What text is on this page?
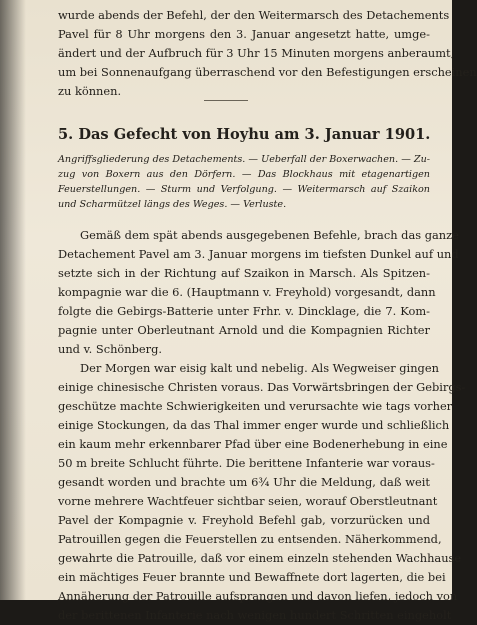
wurde abends der Befehl, der den Weitermarsch des Detachements
Pavel für 8 Uhr morgens den 3. Januar angesetzt hatte, umge-
ändert und der Aufbruch für 3 Uhr 15 Minuten morgens anberaumt,
um bei Sonnenaufgang überraschend vor den Befestigungen erscheinen
zu können.
5. Das Gefecht von Hoyhu am 3. Januar 1901.
Angriffsgliederung des Detachements. — Ueberfall der Boxerwachen. — Zu-
zug von Boxern aus den Dörfern. — Das Blockhaus mit etagenartigen
Feuerstellungen. — Sturm und Verfolgung. — Weitermarsch auf Szaikon
und Scharmützel längs des Weges. — Verluste.
Gemäß dem spät abends ausgegebenen Befehle, brach das ganze
Detachement Pavel am 3. Januar morgens im tiefsten Dunkel auf und
setzte sich in der Richtung auf Szaikon in Marsch. Als Spitzen-
kompagnie war die 6. (Hauptmann v. Freyhold) vorgesandt, dann
folgte die Gebirgs-Batterie unter Frhr. v. Dincklage, die 7. Kom-
pagnie unter Oberleutnant Arnold und die Kompagnien Richter
und v. Schönberg.
Der Morgen war eisig kalt und nebelig. Als Wegweiser gingen
einige chinesische Christen voraus. Das Vorwärtsbringen der Gebirgs-
geschütze machte Schwierigkeiten und verursachte wie tags vorher
einige Stockungen, da das Thal immer enger wurde und schließlich
ein kaum mehr erkennbarer Pfad über eine Bodenerhebung in eine
50 m breite Schlucht führte. Die berittene Infanterie war voraus-
gesandt worden und brachte um 6¾ Uhr die Meldung, daß weit
vorne mehrere Wachtfeuer sichtbar seien, worauf Oberstleutnant
Pavel der Kompagnie v. Freyhold Befehl gab, vorzurücken und
Patrouillen gegen die Feuerstellen zu entsenden. Näherkommend,
gewahrte die Patrouille, daß vor einem einzeln stehenden Wachhause
ein mächtiges Feuer brannte und Bewaffnete dort lagerten, die bei
Annäherung der Patrouille aufsprangen und davon liefen, jedoch von
der berittenen Infanterie nach wenigen hundert Schritten eingeholt
